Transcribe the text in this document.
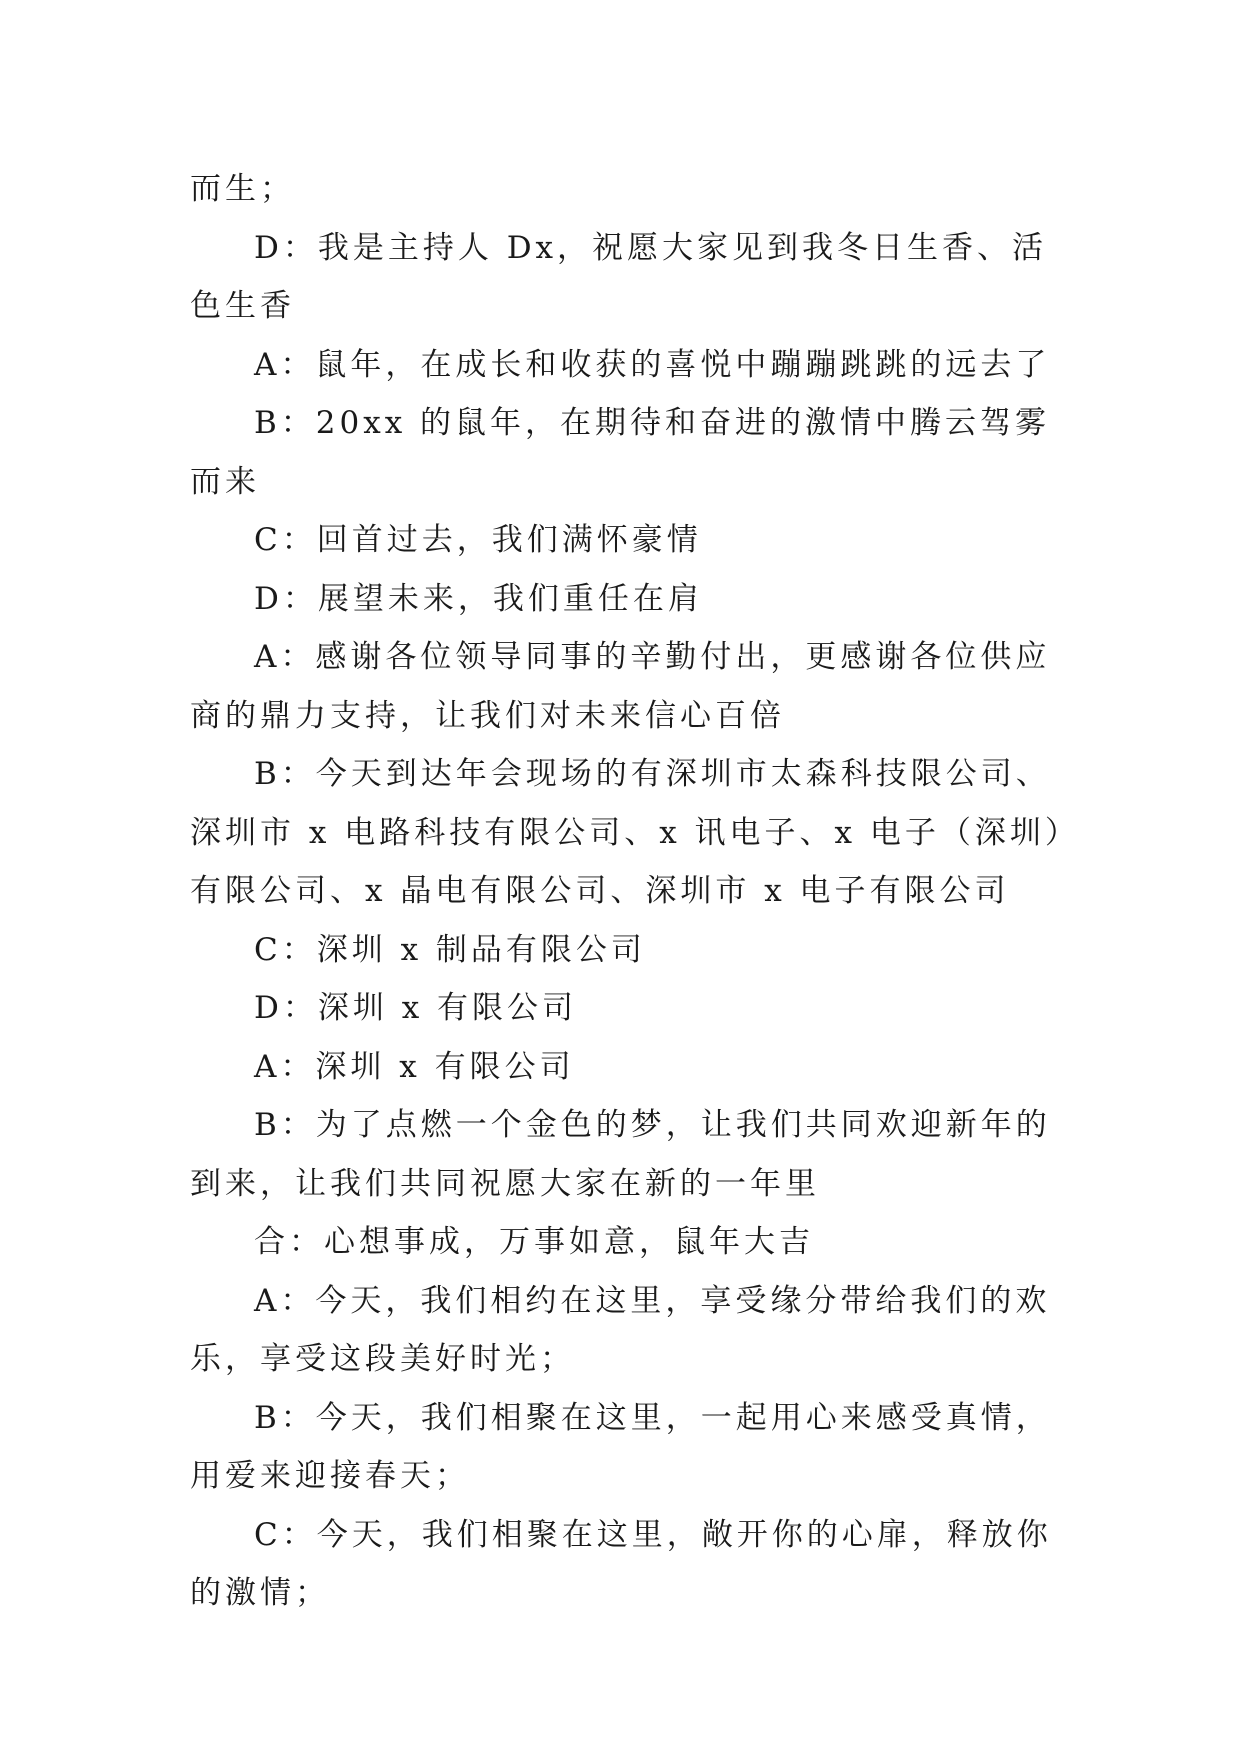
而生；

D：我是主持人 Dx，祝愿大家见到我冬日生香、活色生香

A：鼠年，在成长和收获的喜悦中蹦蹦跳跳的远去了

B：20xx 的鼠年，在期待和奋进的激情中腾云驾雾而来

C：回首过去，我们满怀豪情

D：展望未来，我们重任在肩

A：感谢各位领导同事的辛勤付出，更感谢各位供应商的鼎力支持，让我们对未来信心百倍

B：今天到达年会现场的有深圳市太森科技限公司、深圳市 x 电路科技有限公司、x 讯电子、x 电子（深圳）有限公司、x 晶电有限公司、深圳市 x 电子有限公司

C：深圳 x 制品有限公司

D：深圳 x 有限公司

A：深圳 x 有限公司

B：为了点燃一个金色的梦，让我们共同欢迎新年的到来，让我们共同祝愿大家在新的一年里

合：心想事成，万事如意，鼠年大吉

A：今天，我们相约在这里，享受缘分带给我们的欢乐，享受这段美好时光；

B：今天，我们相聚在这里，一起用心来感受真情，用爱来迎接春天；

C：今天，我们相聚在这里，敞开你的心扉，释放你的激情；
